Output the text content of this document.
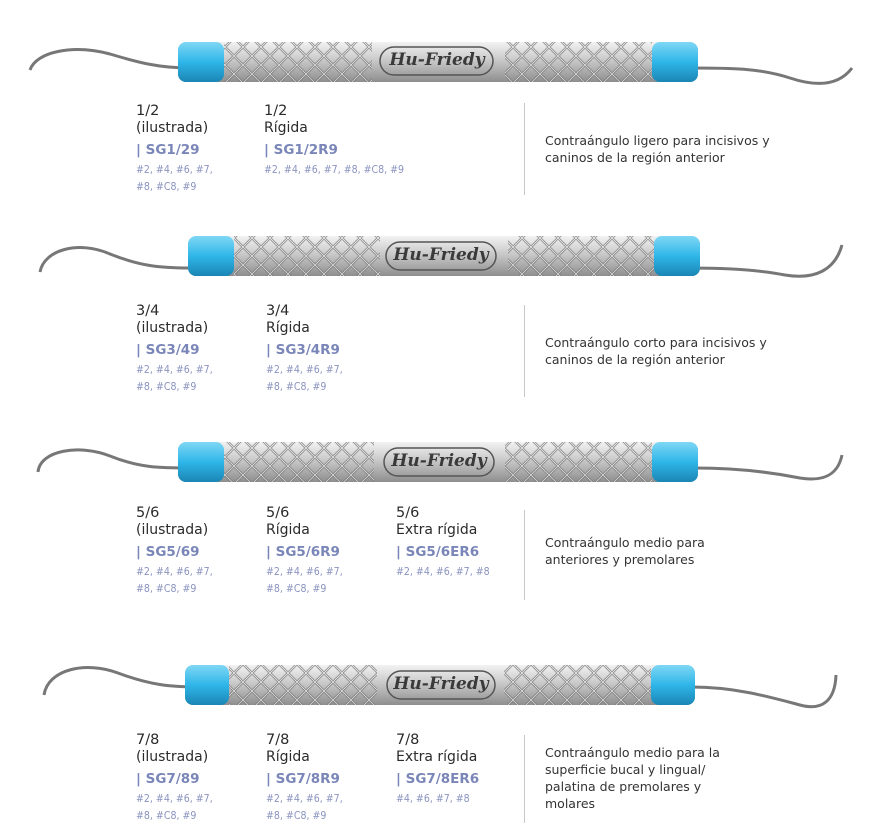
Hu-Friedy
1/2
(ilustrada)
| SG1/29
#2, #4, #6, #7, #8, #C8, #9
1/2
Rígida
| SG1/2R9
#2, #4, #6, #7, #8, #C8, #9
Contraángulo ligero para incisivos y caninos de la región anterior
Hu-Friedy
3/4
(ilustrada)
| SG3/49
#2, #4, #6, #7, #8, #C8, #9
3/4
Rígida
| SG3/4R9
#2, #4, #6, #7, #8, #C8, #9
Contraángulo corto para incisivos y caninos de la región anterior
Hu-Friedy
5/6
(ilustrada)
| SG5/69
#2, #4, #6, #7, #8, #C8, #9
5/6
Rígida
| SG5/6R9
#2, #4, #6, #7, #8, #C8, #9
5/6
Extra rígida
| SG5/6ER6
#2, #4, #6, #7, #8
Contraángulo medio para anteriores y premolares
Hu-Friedy
7/8
(ilustrada)
| SG7/89
#2, #4, #6, #7, #8, #C8, #9
7/8
Rígida
| SG7/8R9
#2, #4, #6, #7, #8, #C8, #9
7/8
Extra rígida
| SG7/8ER6
#4, #6, #7, #8
Contraángulo medio para la superficie bucal y lingual/ palatina de premolares y molares
